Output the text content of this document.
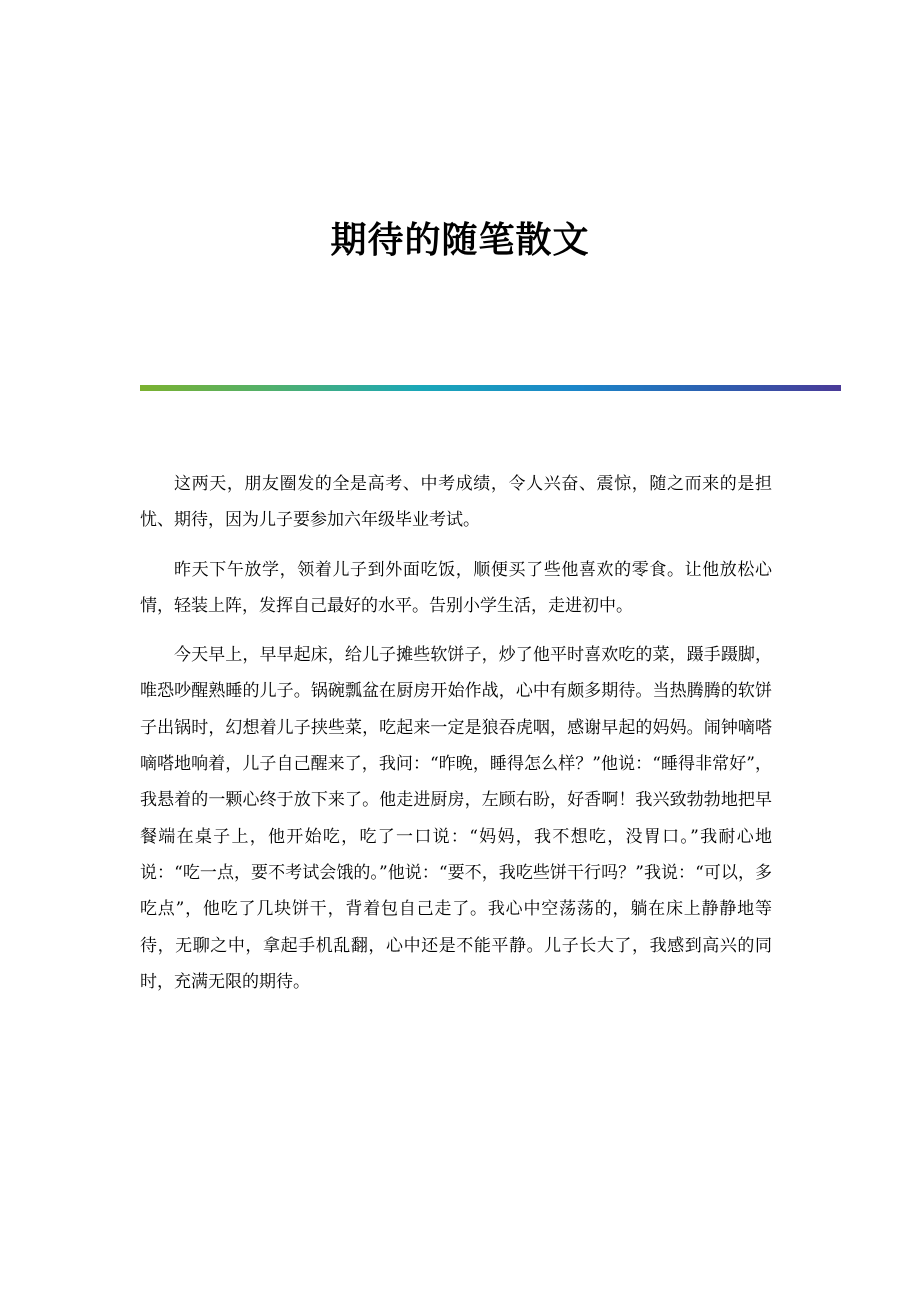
期待的随笔散文

这两天，朋友圈发的全是高考、中考成绩，令人兴奋、震惊，随之而来的是担忧、期待，因为儿子要参加六年级毕业考试。

昨天下午放学，领着儿子到外面吃饭，顺便买了些他喜欢的零食。让他放松心情，轻装上阵，发挥自己最好的水平。告别小学生活，走进初中。

今天早上，早早起床，给儿子摊些软饼子，炒了他平时喜欢吃的菜，蹑手蹑脚，唯恐吵醒熟睡的儿子。锅碗瓢盆在厨房开始作战，心中有颇多期待。当热腾腾的软饼子出锅时，幻想着儿子挟些菜，吃起来一定是狼吞虎咽，感谢早起的妈妈。闹钟嘀嗒嘀嗒地响着，儿子自己醒来了，我问：“昨晚，睡得怎么样？”他说：“睡得非常好”，我悬着的一颗心终于放下来了。他走进厨房，左顾右盼，好香啊！我兴致勃勃地把早餐端在桌子上，他开始吃，吃了一口说：“妈妈，我不想吃，没胃口。”我耐心地说：“吃一点，要不考试会饿的。”他说：“要不，我吃些饼干行吗？”我说：“可以，多吃点”，他吃了几块饼干，背着包自己走了。我心中空荡荡的，躺在床上静静地等待，无聊之中，拿起手机乱翻，心中还是不能平静。儿子长大了，我感到高兴的同时，充满无限的期待。
